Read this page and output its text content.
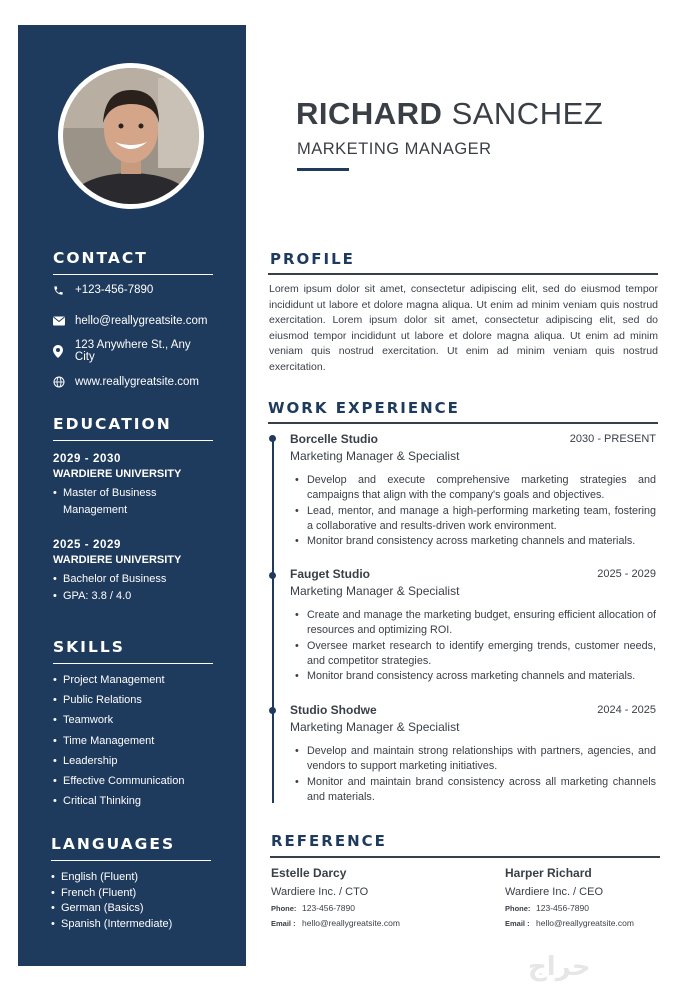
CONTACT
+123-456-7890
hello@reallygreatsite.com
123 Anywhere St., Any City
www.reallygreatsite.com
EDUCATION
2029 - 2030
WARDIERE UNIVERSITY
• Master of Business Management
2025 - 2029
WARDIERE UNIVERSITY
• Bachelor of Business
• GPA: 3.8 / 4.0
SKILLS
• Project Management
• Public Relations
• Teamwork
• Time Management
• Leadership
• Effective Communication
• Critical Thinking
LANGUAGES
• English (Fluent)
• French (Fluent)
• German (Basics)
• Spanish (Intermediate)
RICHARD SANCHEZ
MARKETING MANAGER
PROFILE
Lorem ipsum dolor sit amet, consectetur adipiscing elit, sed do eiusmod tempor incididunt ut labore et dolore magna aliqua. Ut enim ad minim veniam quis nostrud exercitation. Lorem ipsum dolor sit amet, consectetur adipiscing elit, sed do eiusmod tempor incididunt ut labore et dolore magna aliqua. Ut enim ad minim veniam quis nostrud exercitation. Ut enim ad minim veniam quis nostrud exercitation.
WORK EXPERIENCE
Borcelle Studio	2030 - PRESENT
Marketing Manager & Specialist
• Develop and execute comprehensive marketing strategies and campaigns that align with the company's goals and objectives.
• Lead, mentor, and manage a high-performing marketing team, fostering a collaborative and results-driven work environment.
• Monitor brand consistency across marketing channels and materials.
Fauget Studio	2025 - 2029
Marketing Manager & Specialist
• Create and manage the marketing budget, ensuring efficient allocation of resources and optimizing ROI.
• Oversee market research to identify emerging trends, customer needs, and competitor strategies.
• Monitor brand consistency across marketing channels and materials.
Studio Shodwe	2024 - 2025
Marketing Manager & Specialist
• Develop and maintain strong relationships with partners, agencies, and vendors to support marketing initiatives.
• Monitor and maintain brand consistency across all marketing channels and materials.
REFERENCE
Estelle Darcy
Wardiere Inc. / CTO
Phone: 123-456-7890
Email : hello@reallygreatsite.com
Harper Richard
Wardiere Inc. / CEO
Phone: 123-456-7890
Email : hello@reallygreatsite.com
حراج
